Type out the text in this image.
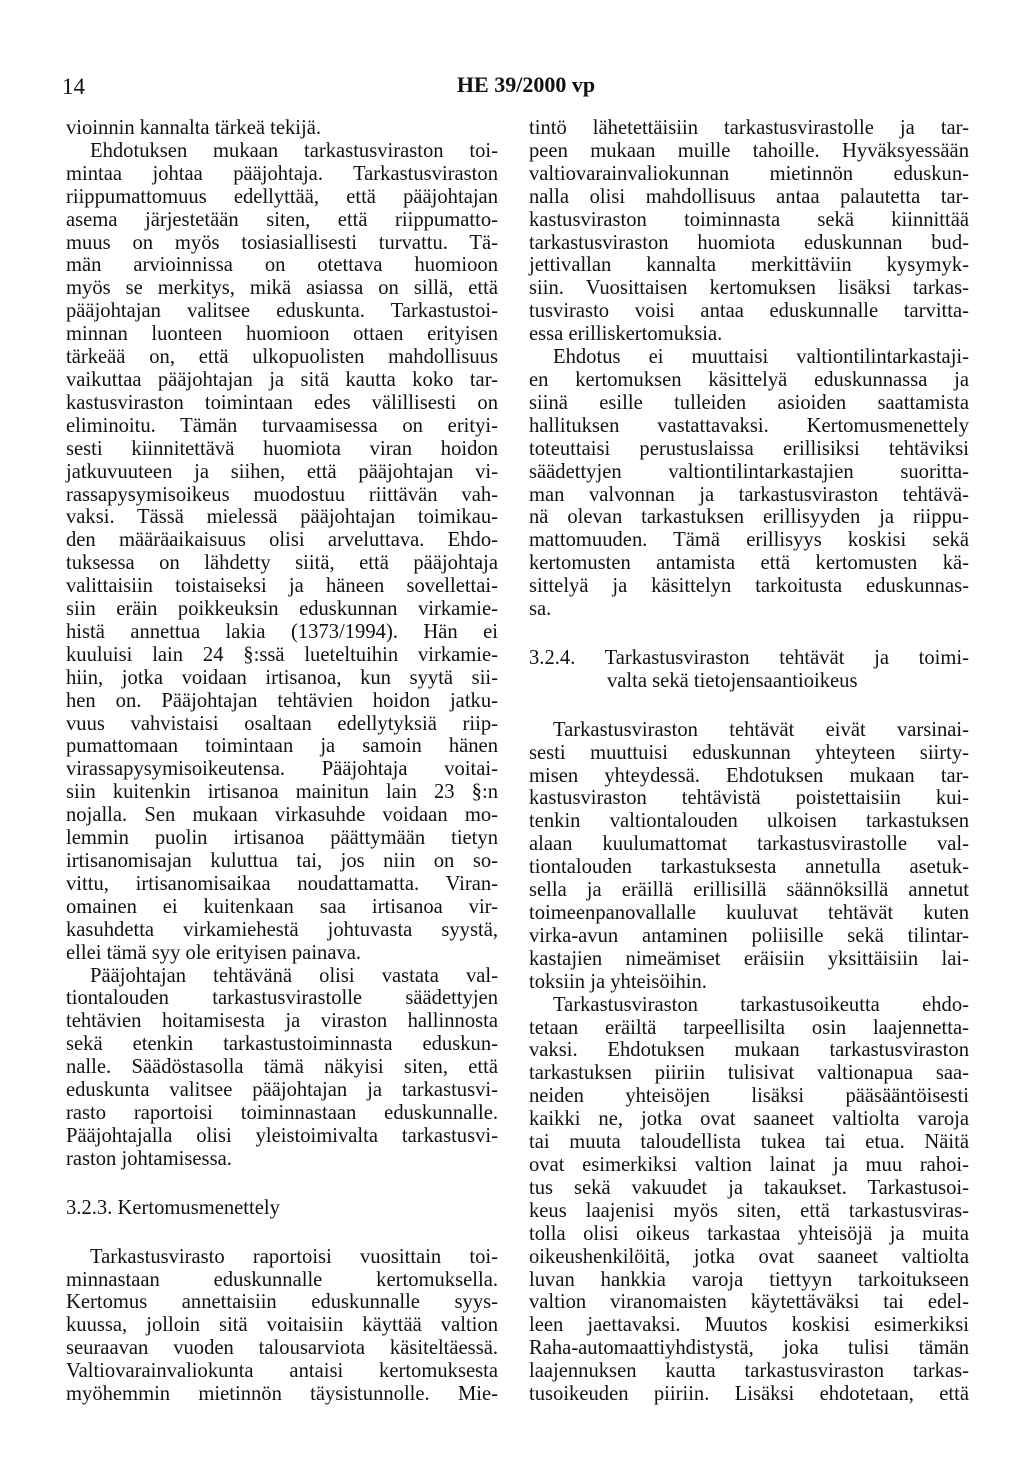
14	HE 39/2000 vp
vioinnin kannalta tärkeä tekijä.
Ehdotuksen mukaan tarkastusviraston toi-
mintaa johtaa pääjohtaja. Tarkastusviraston
riippumattomuus edellyttää, että pääjohtajan
asema järjestetään siten, että riippumatto-
muus on myös tosiasiallisesti turvattu. Tä-
män arvioinnissa on otettava huomioon
myös se merkitys, mikä asiassa on sillä, että
pääjohtajan valitsee eduskunta. Tarkastustoi-
minnan luonteen huomioon ottaen erityisen
tärkeää on, että ulkopuolisten mahdollisuus
vaikuttaa pääjohtajan ja sitä kautta koko tar-
kastusviraston toimintaan edes välillisesti on
eliminoitu. Tämän turvaamisessa on erityi-
sesti kiinnitettävä huomiota viran hoidon
jatkuvuuteen ja siihen, että pääjohtajan vi-
rassapysymisoikeus muodostuu riittävän vah-
vaksi. Tässä mielessä pääjohtajan toimikau-
den määräaikaisuus olisi arveluttava. Ehdo-
tuksessa on lähdetty siitä, että pääjohtaja
valittaisiin toistaiseksi ja häneen sovellettai-
siin eräin poikkeuksin eduskunnan virkamie-
histä annettua lakia (1373/1994). Hän ei
kuuluisi lain 24 §:ssä lueteltuihin virkamie-
hiin, jotka voidaan irtisanoa, kun syytä sii-
hen on. Pääjohtajan tehtävien hoidon jatku-
vuus vahvistaisi osaltaan edellytyksiä riip-
pumattomaan toimintaan ja samoin hänen
virassapysymisoikeutensa. Pääjohtaja voitai-
siin kuitenkin irtisanoa mainitun lain 23 §:n
nojalla. Sen mukaan virkasuhde voidaan mo-
lemmin puolin irtisanoa päättymään tietyn
irtisanomisajan kuluttua tai, jos niin on so-
vittu, irtisanomisaikaa noudattamatta. Viran-
omainen ei kuitenkaan saa irtisanoa vir-
kasuhdetta virkamiehestä johtuvasta syystä,
ellei tämä syy ole erityisen painava.
Pääjohtajan tehtävänä olisi vastata val-
tiontalouden tarkastusvirastolle säädettyjen
tehtävien hoitamisesta ja viraston hallinnosta
sekä etenkin tarkastustoiminnasta eduskun-
nalle. Säädöstasolla tämä näkyisi siten, että
eduskunta valitsee pääjohtajan ja tarkastusvi-
rasto raportoisi toiminnastaan eduskunnalle.
Pääjohtajalla olisi yleistoimivalta tarkastusvi-
raston johtamisessa.
3.2.3. Kertomusmenettely
Tarkastusvirasto raportoisi vuosittain toi-
minnastaan eduskunnalle kertomuksella.
Kertomus annettaisiin eduskunnalle syys-
kuussa, jolloin sitä voitaisiin käyttää valtion
seuraavan vuoden talousarviota käsiteltäessä.
Valtiovarainvaliokunta antaisi kertomuksesta
myöhemmin mietinnön täysistunnolle. Mie-
tintö lähetettäisiin tarkastusvirastolle ja tar-
peen mukaan muille tahoille. Hyväksyessään
valtiovarainvaliokunnan mietinnön eduskun-
nalla olisi mahdollisuus antaa palautetta tar-
kastusviraston toiminnasta sekä kiinnittää
tarkastusviraston huomiota eduskunnan bud-
jettivallan kannalta merkittäviin kysymyk-
siin. Vuosittaisen kertomuksen lisäksi tarkas-
tusvirasto voisi antaa eduskunnalle tarvitta-
essa erilliskertomuksia.
Ehdotus ei muuttaisi valtiontilintarkastaji-
en kertomuksen käsittelyä eduskunnassa ja
siinä esille tulleiden asioiden saattamista
hallituksen vastattavaksi. Kertomusmenettely
toteuttaisi perustuslaissa erillisiksi tehtäviksi
säädettyjen valtiontilintarkastajien suoritta-
man valvonnan ja tarkastusviraston tehtävä-
nä olevan tarkastuksen erillisyyden ja riippu-
mattomuuden. Tämä erillisyys koskisi sekä
kertomusten antamista että kertomusten kä-
sittelyä ja käsittelyn tarkoitusta eduskunnas-
sa.
3.2.4. Tarkastusviraston tehtävät ja toimi-
valta sekä tietojensaantioikeus
Tarkastusviraston tehtävät eivät varsinai-
sesti muuttuisi eduskunnan yhteyteen siirty-
misen yhteydessä. Ehdotuksen mukaan tar-
kastusviraston tehtävistä poistettaisiin kui-
tenkin valtiontalouden ulkoisen tarkastuksen
alaan kuulumattomat tarkastusvirastolle val-
tiontalouden tarkastuksesta annetulla asetuk-
sella ja eräillä erillisillä säännöksillä annetut
toimeenpanovallalle kuuluvat tehtävät kuten
virka-avun antaminen poliisille sekä tilintar-
kastajien nimeämiset eräisiin yksittäisiin lai-
toksiin ja yhteisöihin.
Tarkastusviraston tarkastusoikeutta ehdo-
tetaan eräiltä tarpeellisilta osin laajennetta-
vaksi. Ehdotuksen mukaan tarkastusviraston
tarkastuksen piiriin tulisivat valtionapua saa-
neiden yhteisöjen lisäksi pääsääntöisesti
kaikki ne, jotka ovat saaneet valtiolta varoja
tai muuta taloudellista tukea tai etua. Näitä
ovat esimerkiksi valtion lainat ja muu rahoi-
tus sekä vakuudet ja takaukset. Tarkastusoi-
keus laajenisi myös siten, että tarkastusviras-
tolla olisi oikeus tarkastaa yhteisöjä ja muita
oikeushenkilöitä, jotka ovat saaneet valtiolta
luvan hankkia varoja tiettyyn tarkoitukseen
valtion viranomaisten käytettäväksi tai edel-
leen jaettavaksi. Muutos koskisi esimerkiksi
Raha-automaattiyhdistystä, joka tulisi tämän
laajennuksen kautta tarkastusviraston tarkas-
tusoikeuden piiriin. Lisäksi ehdotetaan, että
